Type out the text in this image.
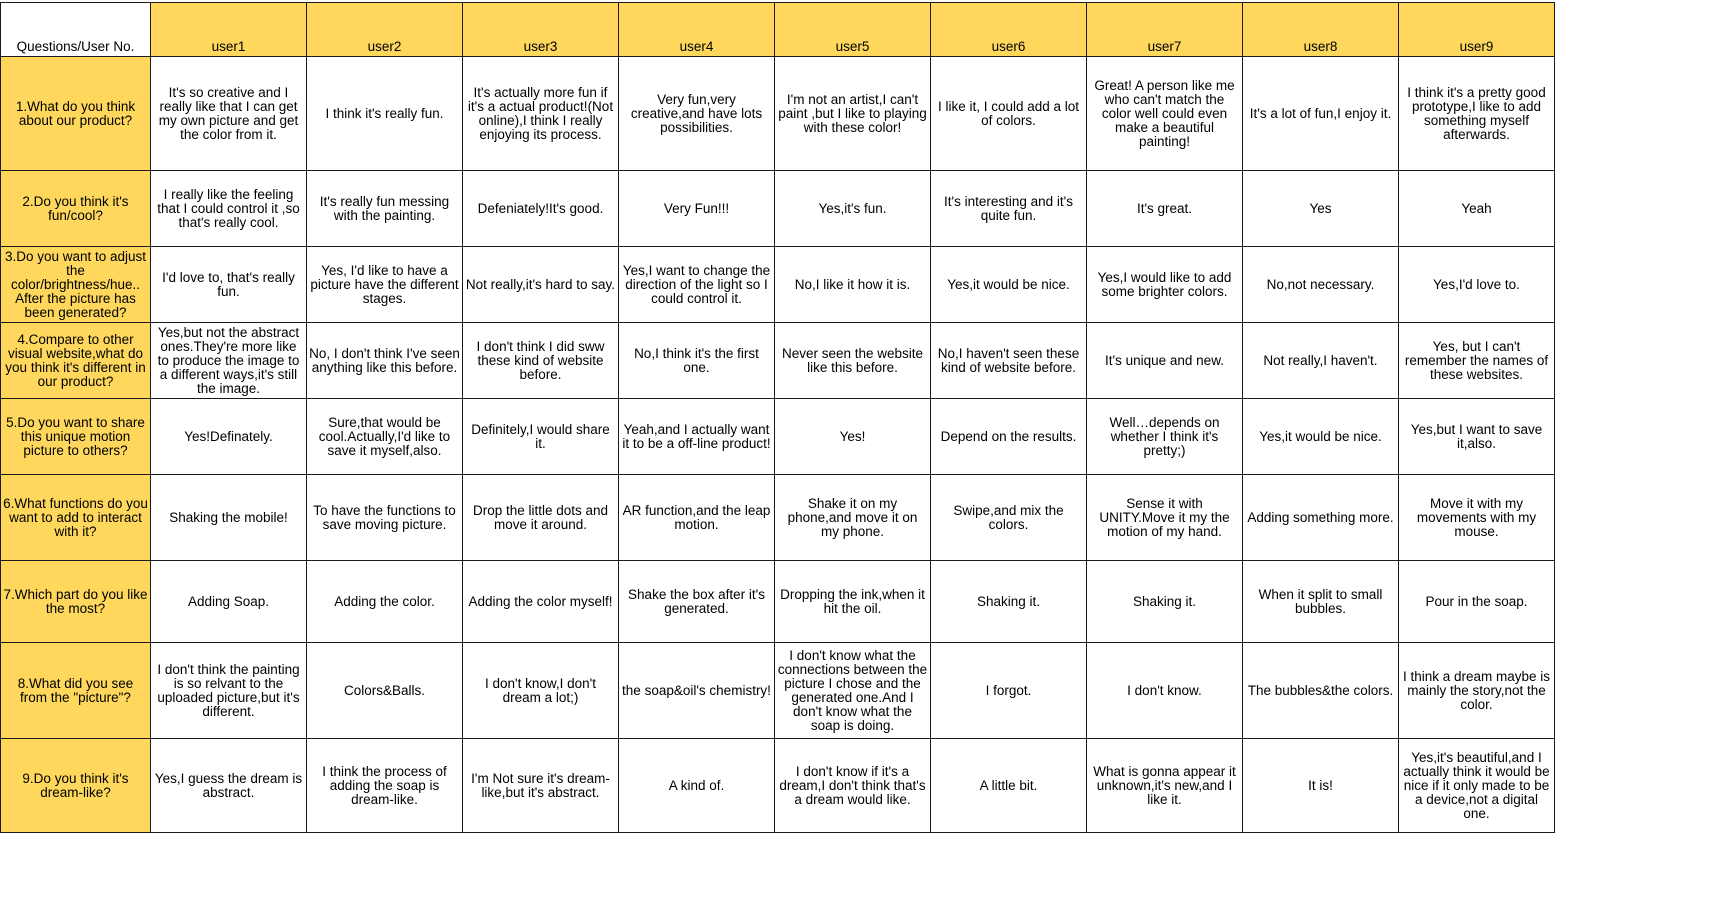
Questions/User No.	user1	user2	user3	user4	user5	user6	user7	user8	user9
1.What do you think about our product?	It's so creative and I really like that I can get my own picture and get the color from it.	I think it's really fun.	It's actually more fun if it's a actual product!(Not online),I think I really enjoying its process.	Very fun,very creative,and have lots possibilities.	I'm not an artist,I can't paint ,but I like to playing with these color!	I like it, I could add a lot of colors.	Great! A person like me who can't match the color well could even make a beautiful painting!	It's a lot of fun,I enjoy it.	I think it's a pretty good prototype,I like to add something myself afterwards.
2.Do you think it's fun/cool?	I really like the feeling that I could control it ,so that's really cool.	It's really fun messing with the painting.	Defeniately!It's good.	Very Fun!!!	Yes,it's fun.	It's interesting and it's quite fun.	It's great.	Yes	Yeah
3.Do you want to adjust the color/brightness/hue.. After the picture has been generated?	I'd love to, that's really fun.	Yes, I'd like to have a picture have the different stages.	Not really,it's hard to say.	Yes,I want to change the direction of the light so I could control it.	No,I like it how it is.	Yes,it would be nice.	Yes,I would like to add some brighter colors.	No,not necessary.	Yes,I'd love to.
4.Compare to other visual website,what do you think it's different in our product?	Yes,but not the abstract ones.They're more like to produce the image to a different ways,it's still the image.	No, I don't think I've seen anything like this before.	I don't think I did sww these kind of website before.	No,I think it's the first one.	Never seen the website like this before.	No,I haven't seen these kind of website before.	It's unique and new.	Not really,I haven't.	Yes, but I can't remember the names of these websites.
5.Do you want to share this unique motion picture to others?	Yes!Definately.	Sure,that would be cool.Actually,I'd like to save it myself,also.	Definitely,I would share it.	Yeah,and I actually want it to be a off-line product!	Yes!	Depend on the results.	Well…depends on whether I think it's pretty;)	Yes,it would be nice.	Yes,but I want to save it,also.
6.What functions do you want to add to interact with it?	Shaking the mobile!	To have the functions to save moving picture.	Drop the little dots and move it around.	AR function,and the leap motion.	Shake it on my phone,and move it on my phone.	Swipe,and mix the colors.	Sense it with UNITY.Move it my the motion of my hand.	Adding something more.	Move it with my movements with my mouse.
7.Which part do you like the most?	Adding Soap.	Adding the color.	Adding the color myself!	Shake the box after it's generated.	Dropping the ink,when it hit the oil.	Shaking it.	Shaking it.	When it split to small bubbles.	Pour in the soap.
8.What did you see from the "picture"?	I don't think the painting is so relvant to the uploaded picture,but it's different.	Colors&Balls.	I don't know,I don't dream a lot;)	the soap&oil's chemistry!	I don't know what the connections between the picture I chose and the generated one.And I don't know what the soap is doing.	I forgot.	I don't know.	The bubbles&the colors.	I think a dream maybe is mainly the story,not the color.
9.Do you think it's dream-like?	Yes,I guess the dream is abstract.	I think the process of adding the soap is dream-like.	I'm Not sure it's dream-like,but it's abstract.	A kind of.	I don't know if it's a dream,I don't think that's a dream would like.	A little bit.	What is gonna appear it unknown,it's new,and I like it.	It is!	Yes,it's beautiful,and I actually think it would be nice if it only made to be a device,not a digital one.
